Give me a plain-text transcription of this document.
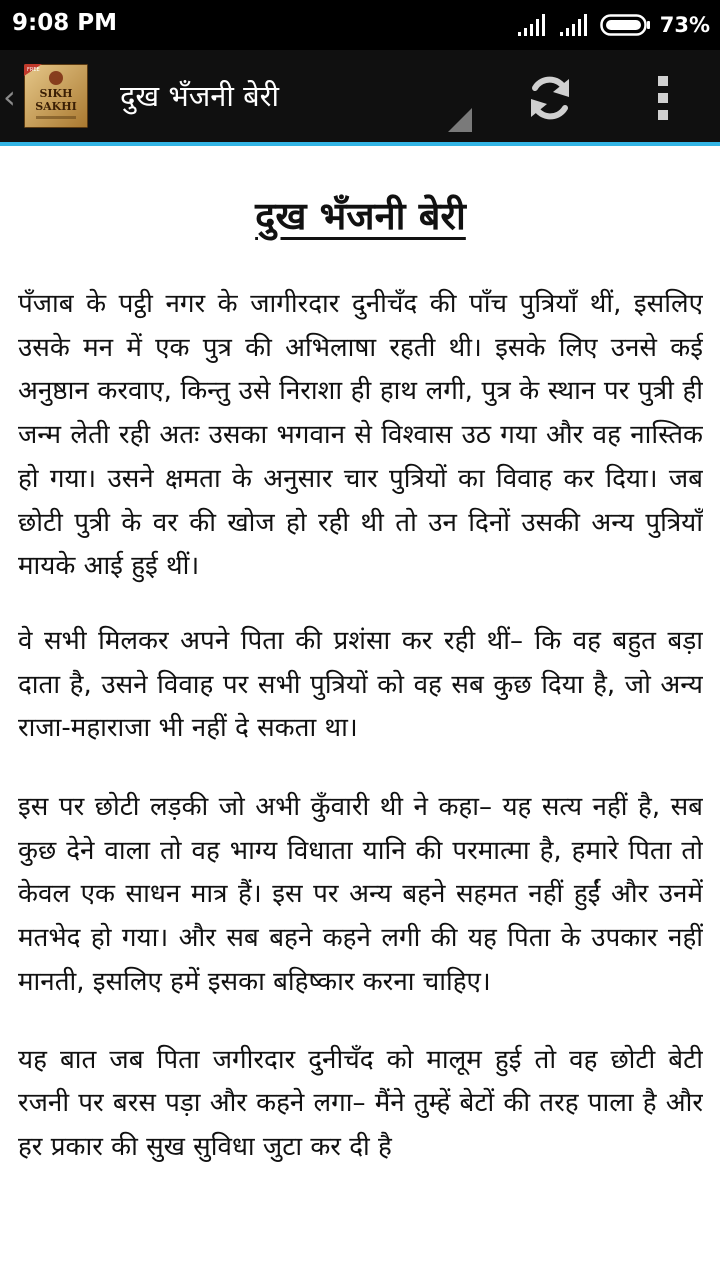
9:08 PM	73%
‹
FREE
SIKH
SAKHI दुख भँजनी बेरी
दुख भँजनी बेरी

पँजाब के पट्ठी नगर के जागीरदार दुनीचँद की पाँच पुत्रियाँ थीं, इसलिए उसके मन में एक पुत्र की अभिलाषा रहती थी। इसके लिए उनसे कई अनुष्ठान करवाए, किन्तु उसे निराशा ही हाथ लगी, पुत्र के स्थान पर पुत्री ही जन्म लेती रही अतः उसका भगवान से विश्वास उठ गया और वह नास्तिक हो गया। उसने क्षमता के अनुसार चार पुत्रियों का विवाह कर दिया। जब छोटी पुत्री के वर की खोज हो रही थी तो उन दिनों उसकी अन्य पुत्रियाँ मायके आई हुई थीं।

वे सभी मिलकर अपने पिता की प्रशंसा कर रही थीं– कि वह बहुत बड़ा दाता है, उसने विवाह पर सभी पुत्रियों को वह सब कुछ दिया है, जो अन्य राजा-महाराजा भी नहीं दे सकता था।

इस पर छोटी लड़की जो अभी कुँवारी थी ने कहा– यह सत्य नहीं है, सब कुछ देने वाला तो वह भाग्य विधाता यानि की परमात्मा है, हमारे पिता तो केवल एक साधन मात्र हैं। इस पर अन्य बहने सहमत नहीं हुईं और उनमें मतभेद हो गया। और सब बहने कहने लगी की यह पिता के उपकार नहीं मानती, इसलिए हमें इसका बहिष्कार करना चाहिए।

यह बात जब पिता जगीरदार दुनीचँद को मालूम हुई तो वह छोटी बेटी रजनी पर बरस पड़ा और कहने लगा– मैंने तुम्हें बेटों की तरह पाला है और हर प्रकार की सुख सुविधा जुटा कर दी है
